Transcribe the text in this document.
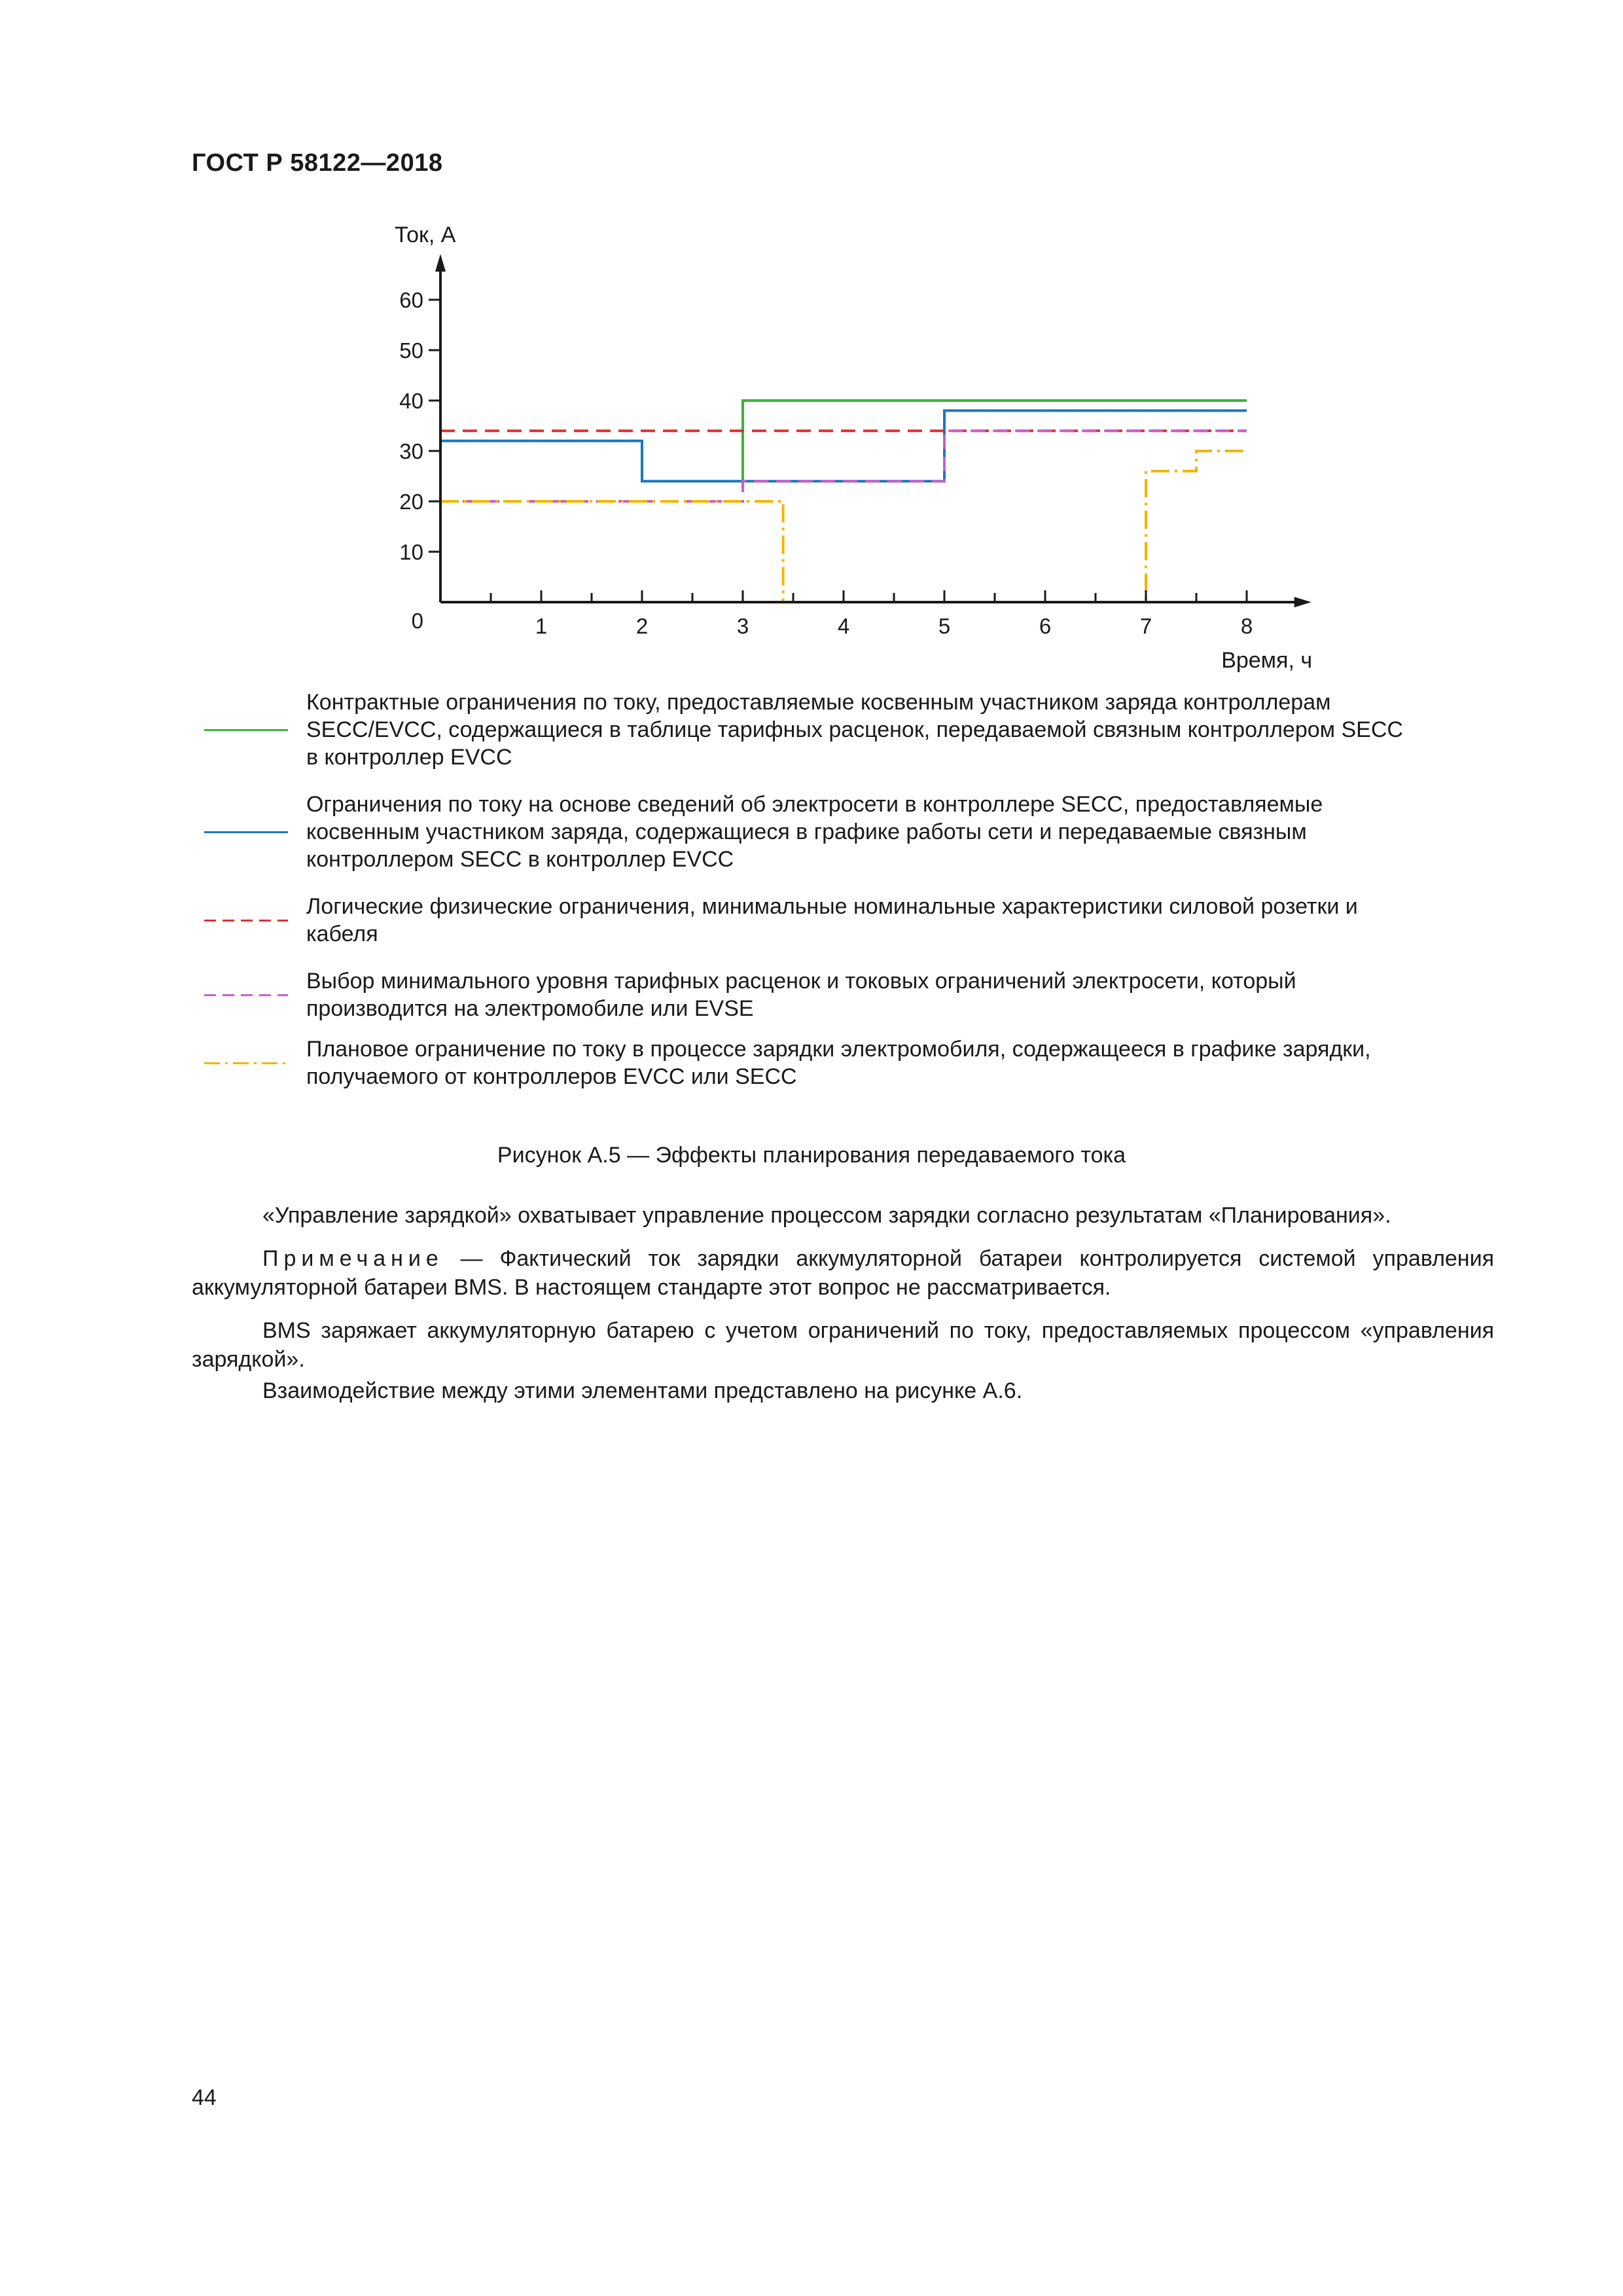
ГОСТ Р 58122—2018
10
20
30
40
50
60
1	2	3	4	5	6	7	8
0
Ток, А
Время, ч
Контрактные ограничения по току, предоставляемые косвенным участником заряда контроллерам
SECC/EVCC, содержащиеся в таблице тарифных расценок, передаваемой связным контроллером SECC
в контроллер EVCC
Ограничения по току на основе сведений об электросети в контроллере SECC, предоставляемые
косвенным участником заряда, содержащиеся в графике работы сети и передаваемые связным
контроллером SECC в контроллер EVCC
Логические физические ограничения, минимальные номинальные характеристики силовой розетки и
кабеля
Выбор минимального уровня тарифных расценок и токовых ограничений электросети, который
производится на электромобиле или EVSE
Плановое ограничение по току в процессе зарядки электромобиля, содержащееся в графике зарядки,
получаемого от контроллеров EVCC или SECC
Рисунок А.5 — Эффекты планирования передаваемого тока

«Управление зарядкой» охватывает управление процессом зарядки согласно результатам «Планирования».

Примечание — Фактический ток зарядки аккумуляторной батареи контролируется системой управления аккумуляторной батареи BMS. В настоящем стандарте этот вопрос не рассматривается.

BMS заряжает аккумуляторную батарею с учетом ограничений по току, предоставляемых процессом «управления зарядкой».

Взаимодействие между этими элементами представлено на рисунке А.6.

44
